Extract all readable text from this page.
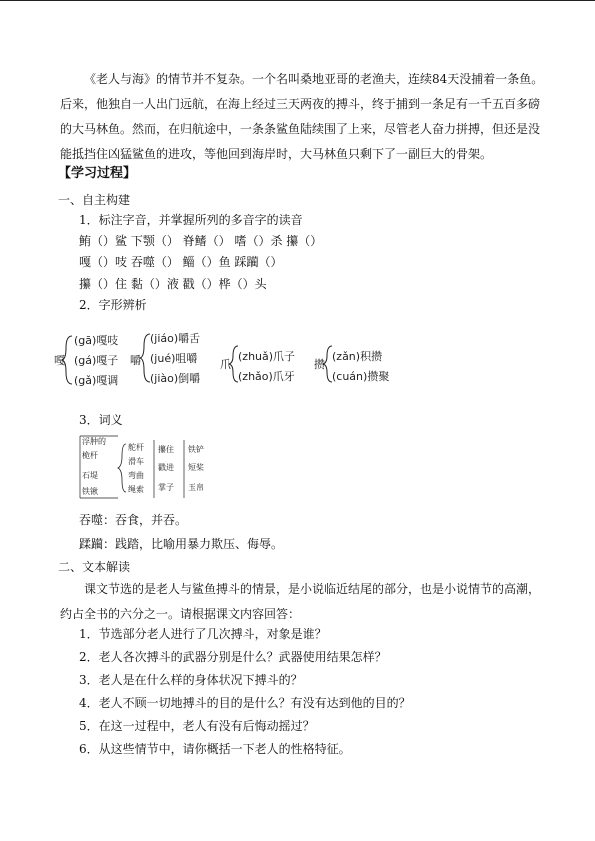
《老人与海》的情节并不复杂。一个名叫桑地亚哥的老渔夫，连续84天没捕着一条鱼。后来，他独自一人出门远航，在海上经过三天两夜的搏斗，终于捕到一条足有一千五百多磅的大马林鱼。然而，在归航途中，一条条鲨鱼陆续围了上来，尽管老人奋力拼搏，但还是没能抵挡住凶猛鲨鱼的进攻，等他回到海岸时，大马林鱼只剩下了一副巨大的骨架。
【学习过程】
一、自主构建
1．标注字音，并掌握所列的多音字的读音
鲔（）鲨 下颚（） 脊鳍（） 嗜（）杀 攥（）
嘎（）吱 吞噬（） 鲻（）鱼 踩躏（）
攥（）住 黏（）液 戳（）桦（）头
2．字形辨析
嘎
(gā)嘎吱
(gá)嘎子
(gǎ)嘎调
嚼
(jiáo)嚼舌
(jué)咀嚼
(jiào)倒嚼
爪
(zhuǎ)爪子
(zhǎo)爪牙
攒
(zǎn)积攒
(cuán)攒聚
3．词义
浮肿的
桅杆
石堤
铁锹
舵杆
滑车
弯曲
绳索
攥住
戳进
掌子
铁铲
短桨
玉帛
吞噬：吞食，并吞。
蹂躏：践踏，比喻用暴力欺压、侮辱。
二、文本解读
课文节选的是老人与鲨鱼搏斗的情景，是小说临近结尾的部分，也是小说情节的高潮，约占全书的六分之一。请根据课文内容回答：
1．节选部分老人进行了几次搏斗，对象是谁？
2．老人各次搏斗的武器分别是什么？武器使用结果怎样？
3．老人是在什么样的身体状况下搏斗的？
4．老人不顾一切地搏斗的目的是什么？有没有达到他的目的？
5．在这一过程中，老人有没有后悔动摇过？
6．从这些情节中，请你概括一下老人的性格特征。
